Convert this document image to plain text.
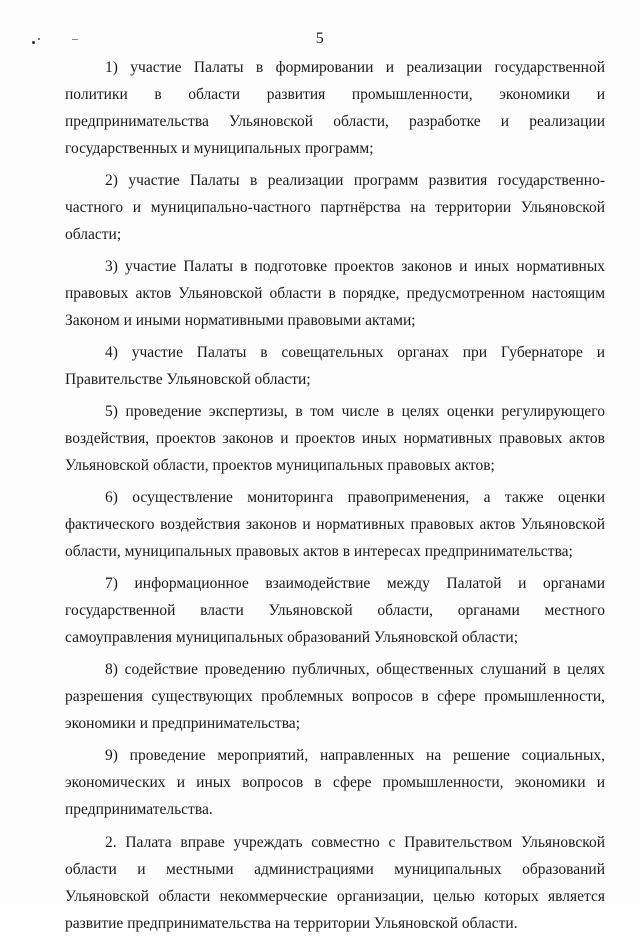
5

1) участие Палаты в формировании и реализации государственной политики в области развития промышленности, экономики и предпринимательства Ульяновской области, разработке и реализации государственных и муниципальных программ;

2) участие Палаты в реализации программ развития государственно-частного и муниципально-частного партнёрства на территории Ульяновской области;

3) участие Палаты в подготовке проектов законов и иных нормативных правовых актов Ульяновской области в порядке, предусмотренном настоящим Законом и иными нормативными правовыми актами;

4) участие Палаты в совещательных органах при Губернаторе и Правительстве Ульяновской области;

5) проведение экспертизы, в том числе в целях оценки регулирующего воздействия, проектов законов и проектов иных нормативных правовых актов Ульяновской области, проектов муниципальных правовых актов;

6) осуществление мониторинга правоприменения, а также оценки фактического воздействия законов и нормативных правовых актов Ульяновской области, муниципальных правовых актов в интересах предпринимательства;

7) информационное взаимодействие между Палатой и органами государственной власти Ульяновской области, органами местного самоуправления муниципальных образований Ульяновской области;

8) содействие проведению публичных, общественных слушаний в целях разрешения существующих проблемных вопросов в сфере промышленности, экономики и предпринимательства;

9) проведение мероприятий, направленных на решение социальных, экономических и иных вопросов в сфере промышленности, экономики и предпринимательства.

2. Палата вправе учреждать совместно с Правительством Ульяновской области и местными администрациями муниципальных образований Ульяновской области некоммерческие организации, целью которых является развитие предпринимательства на территории Ульяновской области.
